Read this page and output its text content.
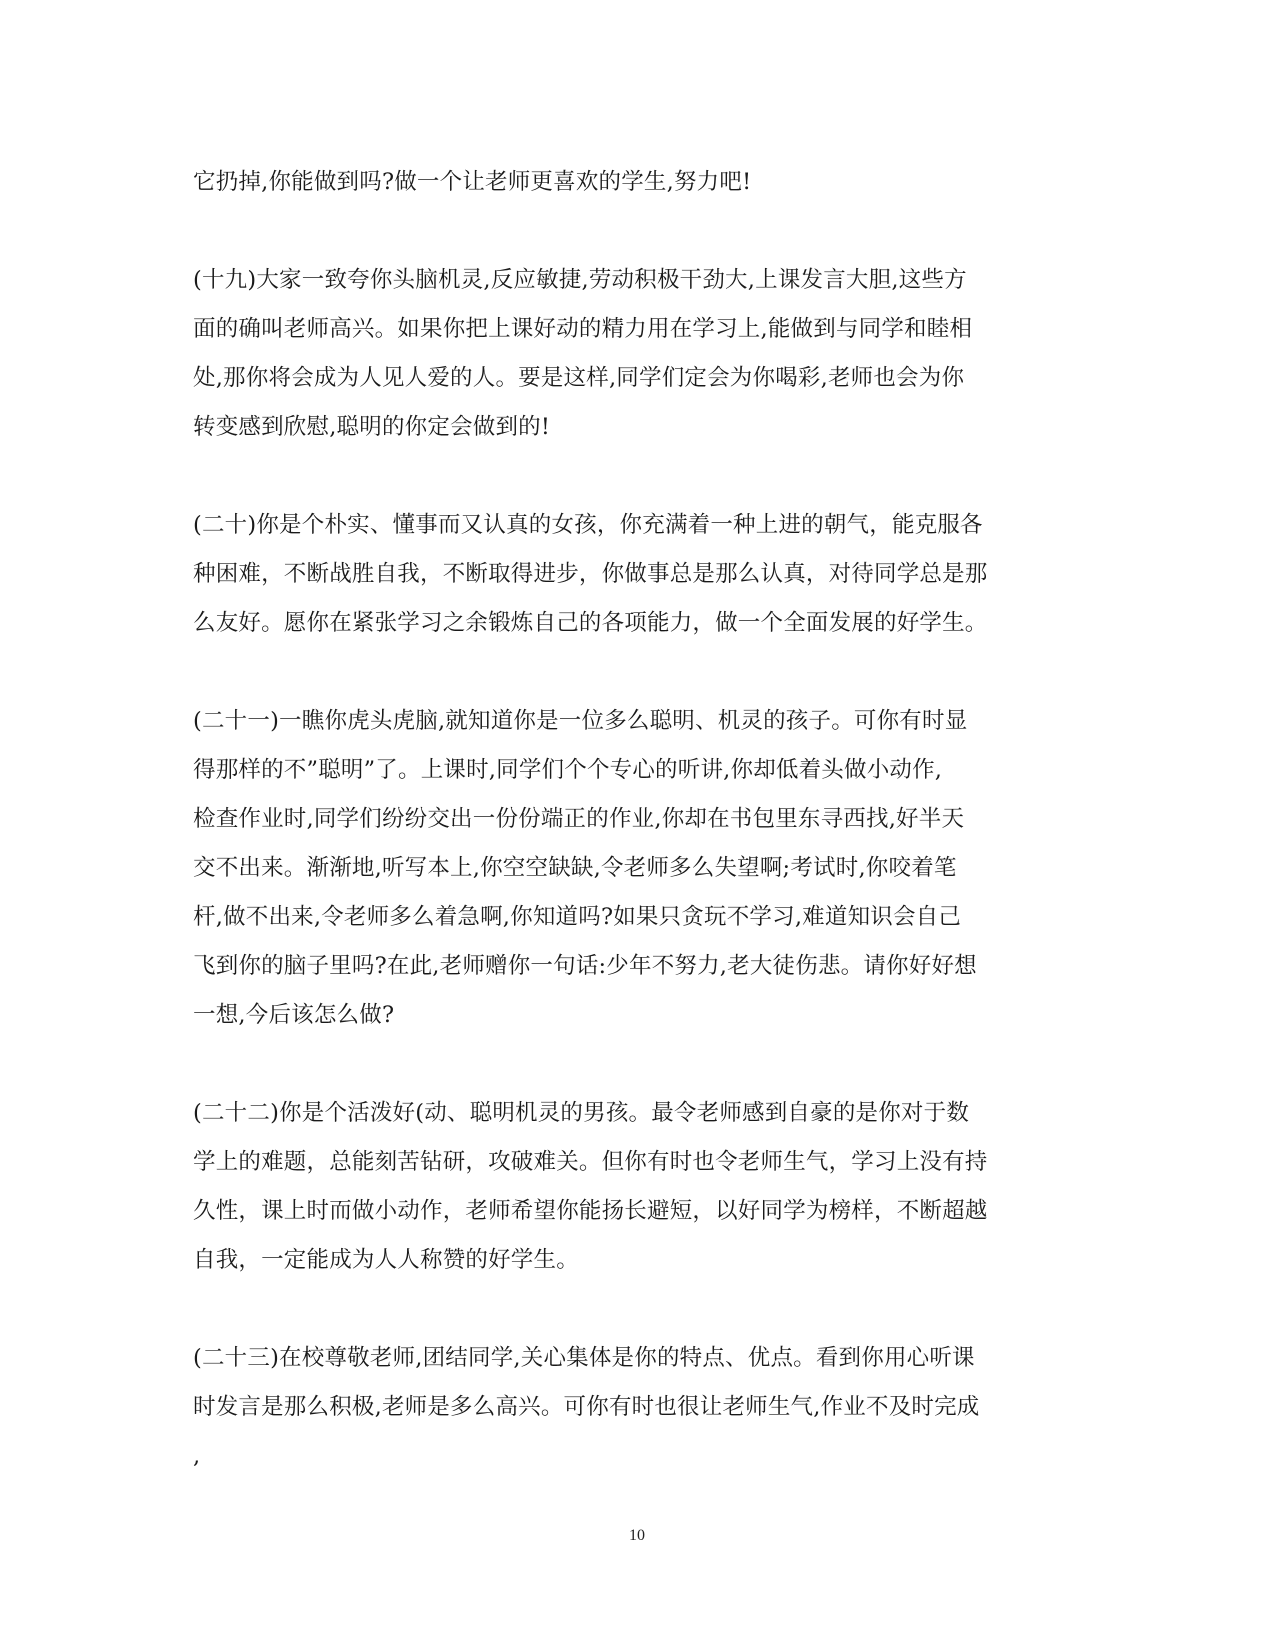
它扔掉,你能做到吗?做一个让老师更喜欢的学生,努力吧!
(十九)大家一致夸你头脑机灵,反应敏捷,劳动积极干劲大,上课发言大胆,这些方
面的确叫老师高兴。如果你把上课好动的精力用在学习上,能做到与同学和睦相
处,那你将会成为人见人爱的人。要是这样,同学们定会为你喝彩,老师也会为你
转变感到欣慰,聪明的你定会做到的!
(二十)你是个朴实、懂事而又认真的女孩，你充满着一种上进的朝气，能克服各
种困难，不断战胜自我，不断取得进步，你做事总是那么认真，对待同学总是那
么友好。愿你在紧张学习之余锻炼自己的各项能力，做一个全面发展的好学生。
(二十一)一瞧你虎头虎脑,就知道你是一位多么聪明、机灵的孩子。可你有时显
得那样的不”聪明”了。上课时,同学们个个专心的听讲,你却低着头做小动作,
检查作业时,同学们纷纷交出一份份端正的作业,你却在书包里东寻西找,好半天
交不出来。渐渐地,听写本上,你空空缺缺,令老师多么失望啊;考试时,你咬着笔
杆,做不出来,令老师多么着急啊,你知道吗?如果只贪玩不学习,难道知识会自己
飞到你的脑子里吗?在此,老师赠你一句话:少年不努力,老大徒伤悲。请你好好想
一想,今后该怎么做?
(二十二)你是个活泼好(动、聪明机灵的男孩。最令老师感到自豪的是你对于数
学上的难题，总能刻苦钻研，攻破难关。但你有时也令老师生气，学习上没有持
久性，课上时而做小动作，老师希望你能扬长避短，以好同学为榜样，不断超越
自我，一定能成为人人称赞的好学生。
(二十三)在校尊敬老师,团结同学,关心集体是你的特点、优点。看到你用心听课
时发言是那么积极,老师是多么高兴。可你有时也很让老师生气,作业不及时完成
,
10
